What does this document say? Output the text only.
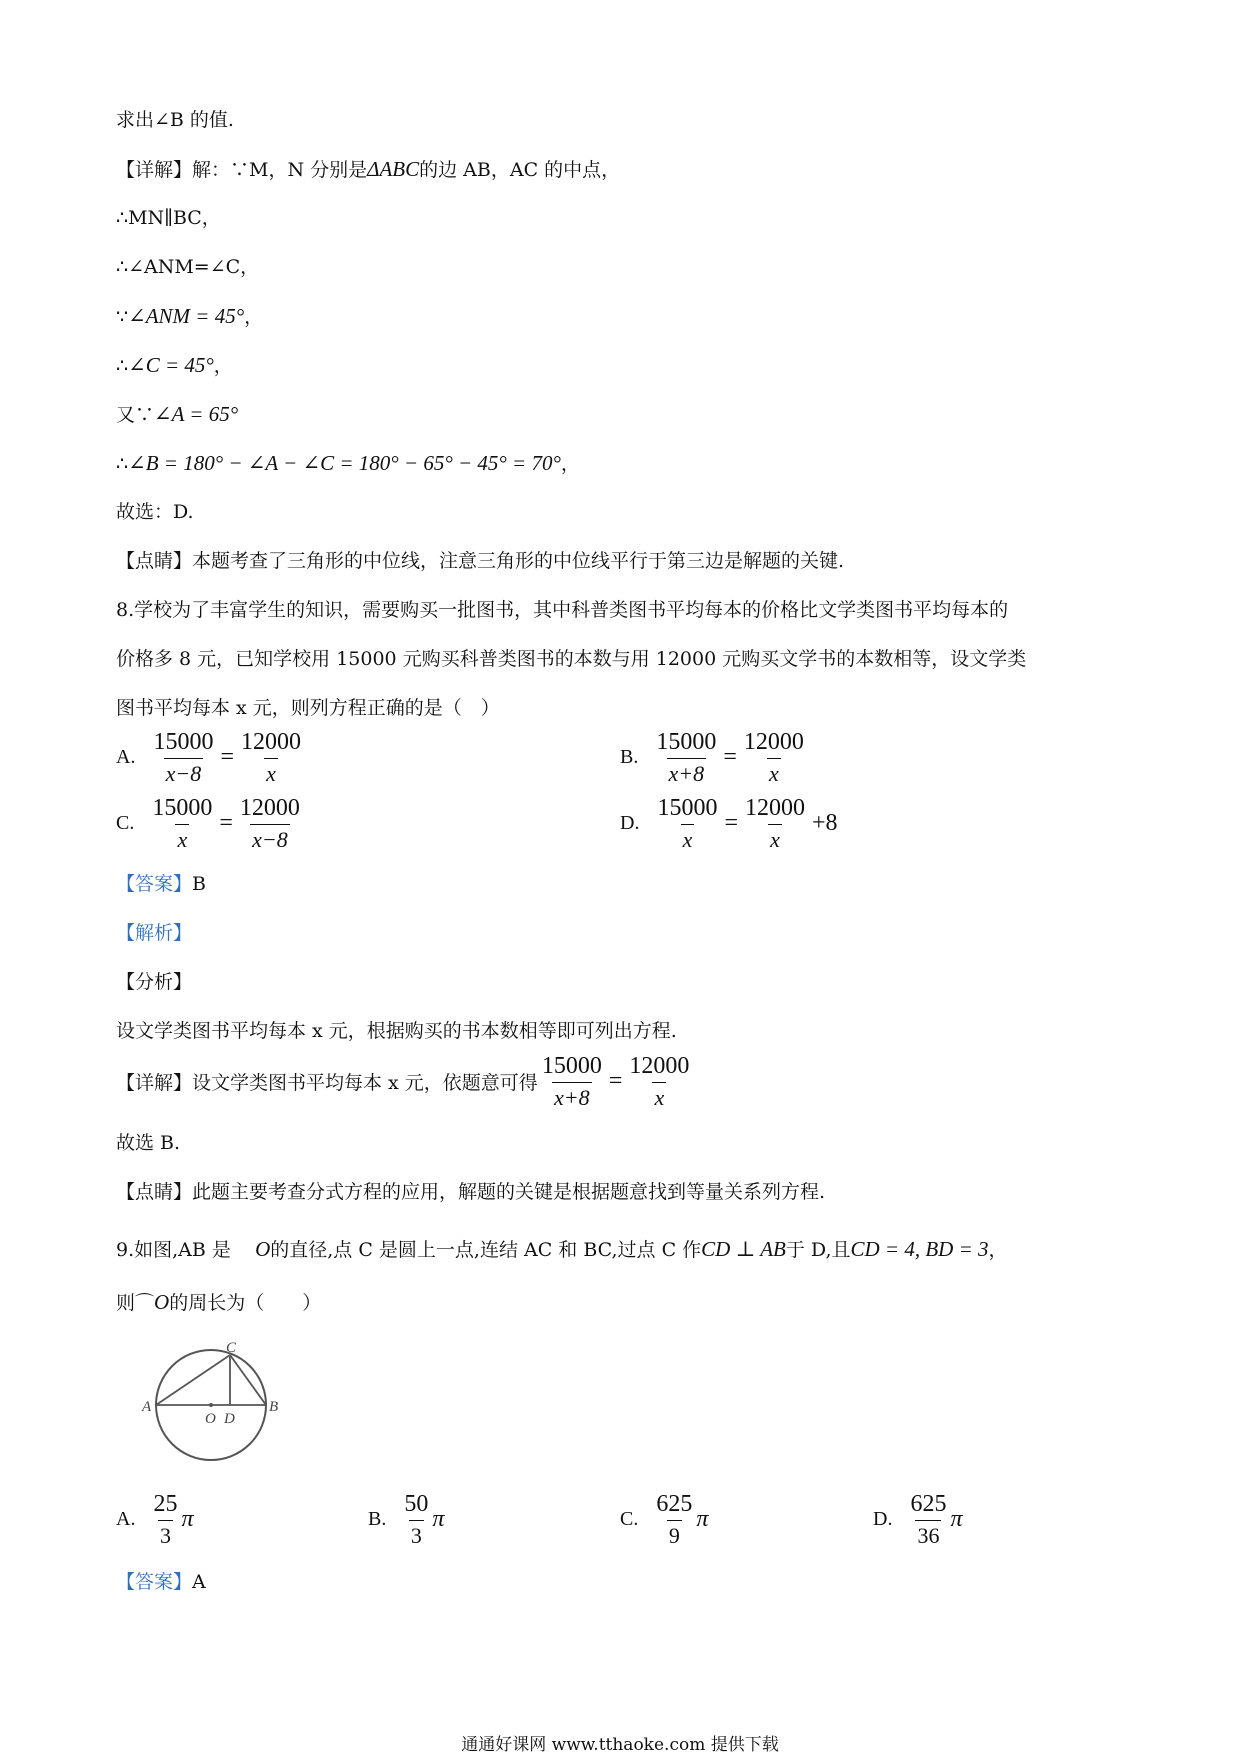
求出∠B 的值.
【详解】解：∵M，N 分别是ΔABC的边 AB，AC 的中点，
∴MN∥BC，
∴∠ANM=∠C，
∵∠ANM = 45°，
∴∠C = 45°，
又∵∠A = 65°
∴∠B = 180° − ∠A − ∠C = 180° − 65° − 45° = 70°，
故选：D.
【点睛】本题考查了三角形的中位线，注意三角形的中位线平行于第三边是解题的关键.
8.学校为了丰富学生的知识，需要购买一批图书，其中科普类图书平均每本的价格比文学类图书平均每本的
价格多 8 元，已知学校用 15000 元购买科普类图书的本数与用 12000 元购买文学书的本数相等，设文学类
图书平均每本 x 元，则列方程正确的是（　）
A. $\frac{15000}{x-8} = \frac{12000}{x}$	B. $\frac{15000}{x+8} = \frac{12000}{x}$
C. $\frac{15000}{x} = \frac{12000}{x-8}$	D. $\frac{15000}{x} = \frac{12000}{x} +8$
【答案】B
【解析】
【分析】
设文学类图书平均每本 x 元，根据购买的书本数相等即可列出方程.
【详解】 设文学类图书平均每本 x 元，依题意可得 $\frac{15000}{x+8} = \frac{12000}{x}$
故选 B.
【点睛】此题主要考查分式方程的应用，解题的关键是根据题意找到等量关系列方程.
9.如图,AB 是 O的直径,点 C 是圆上一点,连结 AC 和 BC,过点 C 作CD ⊥ AB于 D,且CD = 4, BD = 3，
则⌒O的周长为（　　）
A	B
C
O D
A. $\frac{25}{3}$ π	B. $\frac{50}{3}$ π	C. $\frac{625}{9}$ π	D. $\frac{625}{36}$ π
【答案】A
通通好课网 www.tthaoke.com 提供下载
